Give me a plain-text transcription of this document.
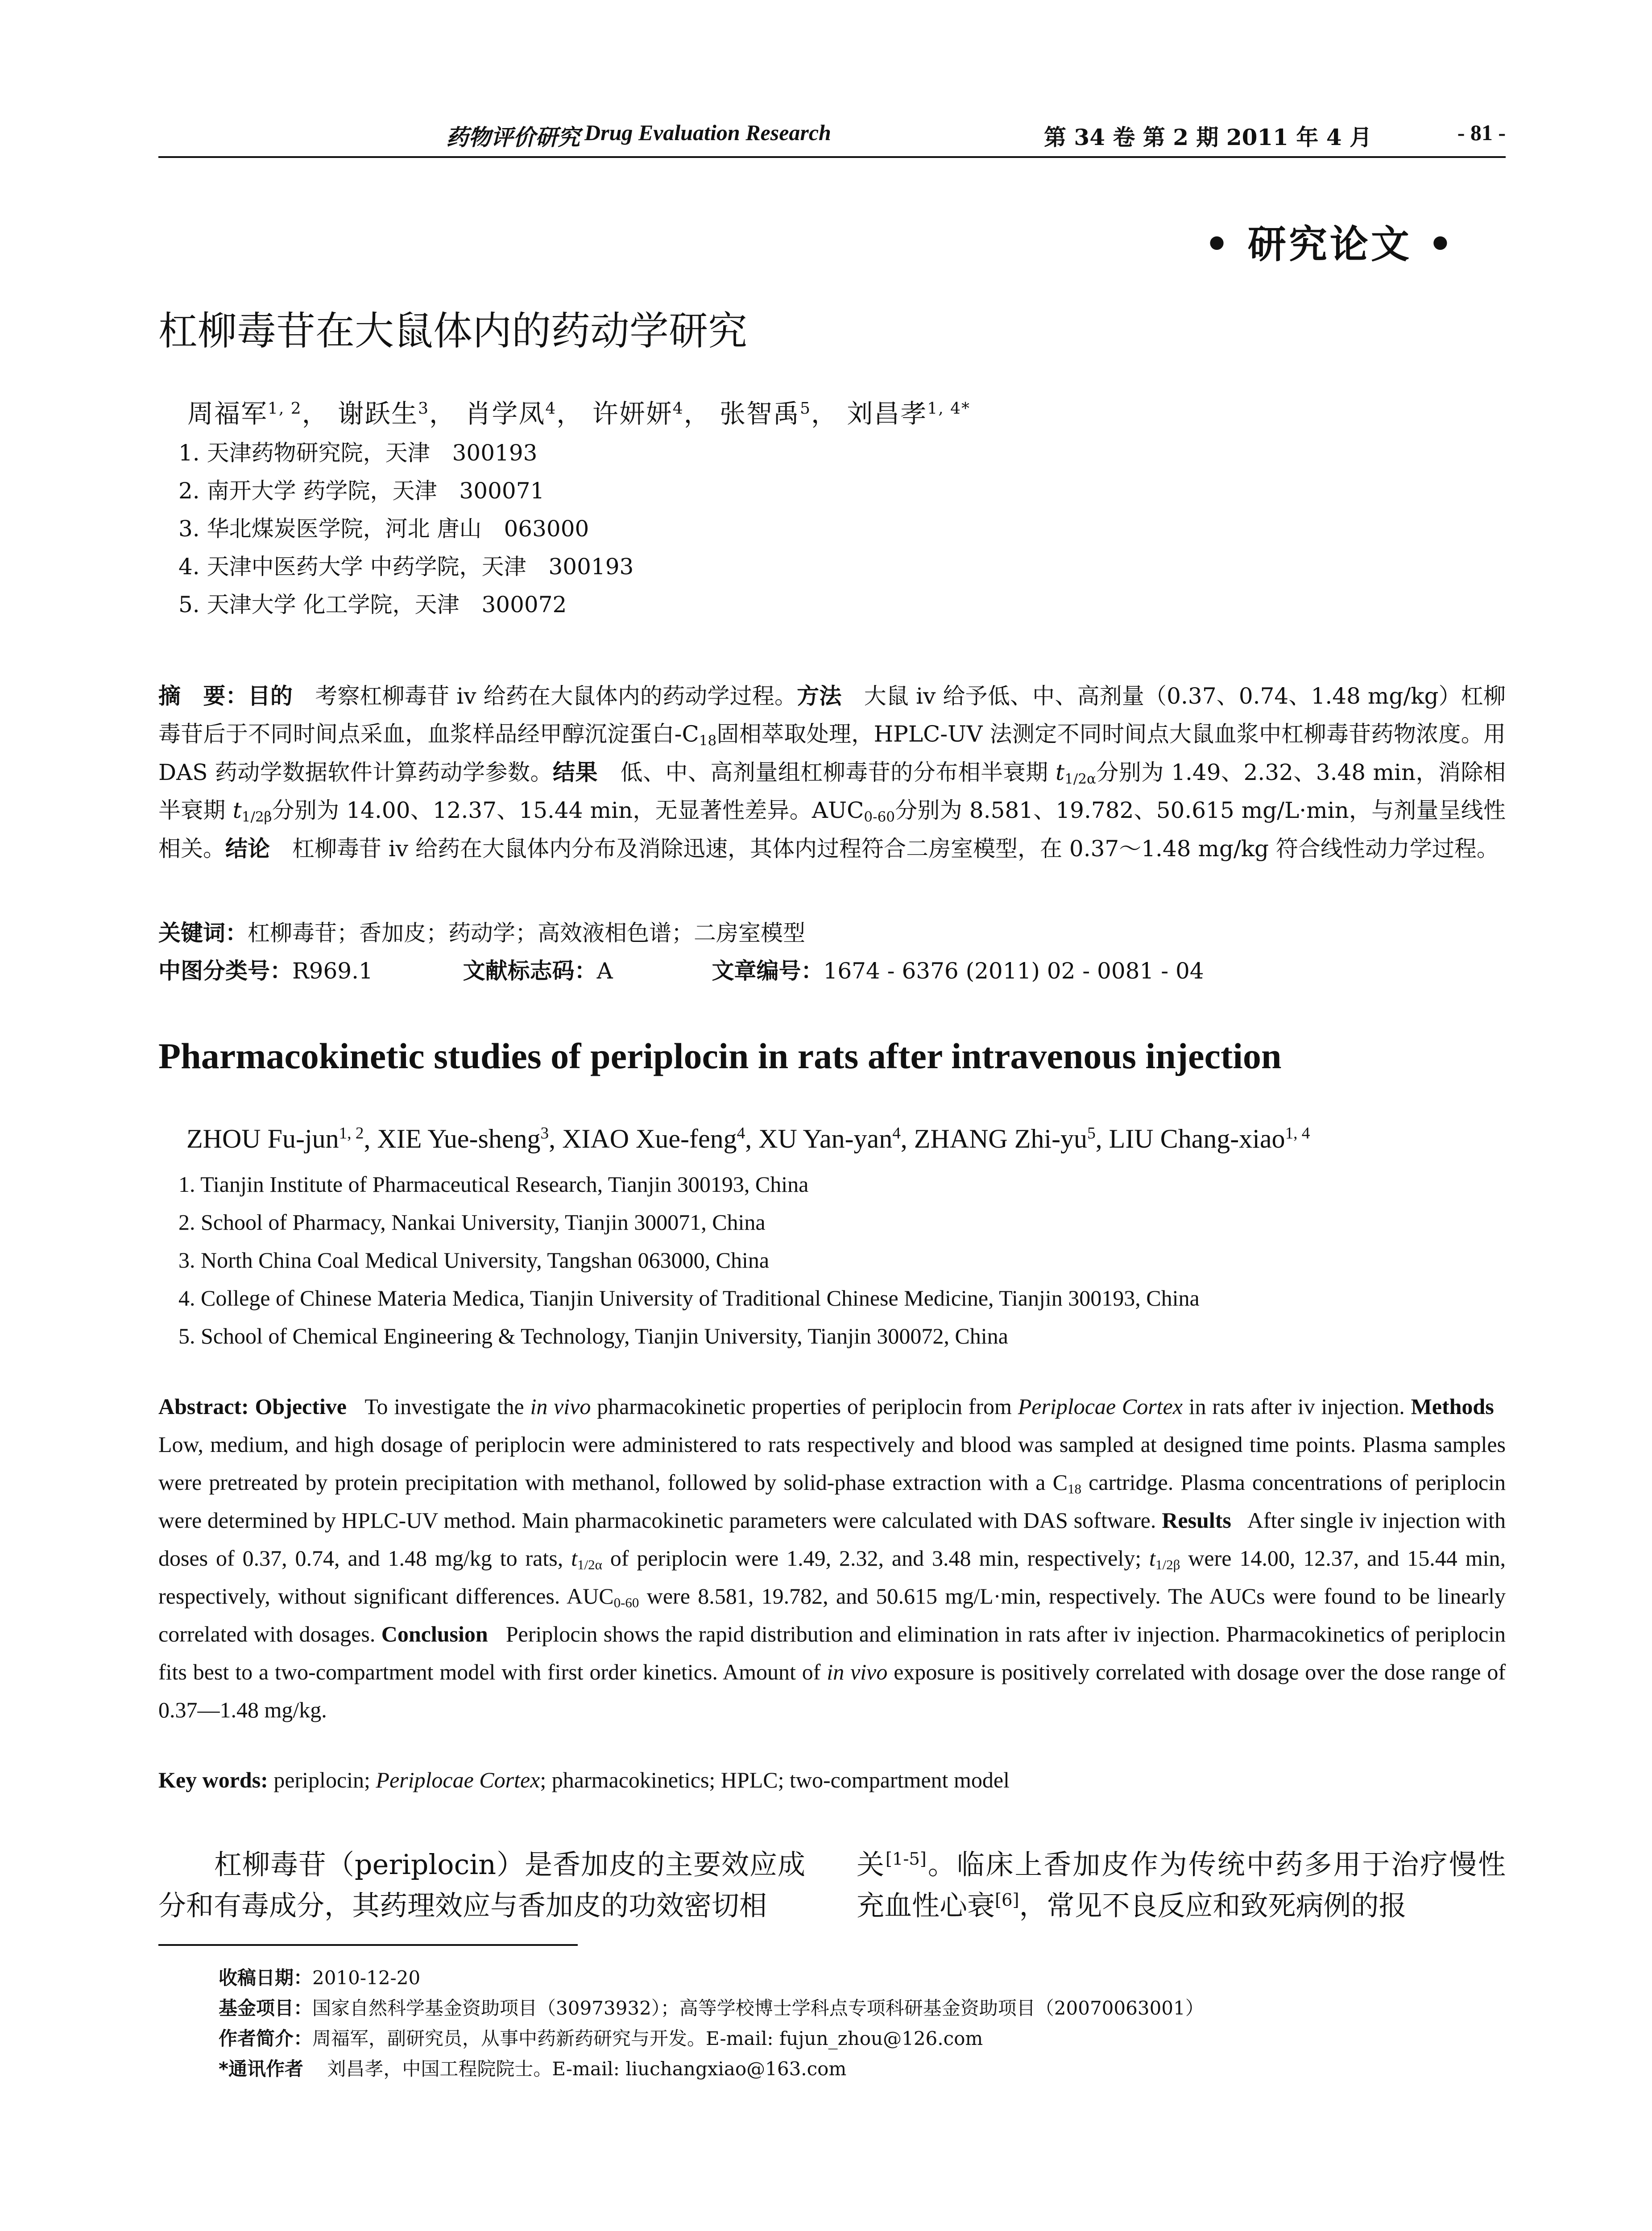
药物评价研究 Drug Evaluation Research	第 34 卷 第 2 期 2011 年 4 月	- 81 -
• 研究论文 •
杠柳毒苷在大鼠体内的药动学研究
周福军$^{1, 2}$， 谢跃生$^3$， 肖学凤$^4$， 许妍妍$^4$， 张智禹$^5$， 刘昌孝$^{1, 4*}$
1. 天津药物研究院，天津　300193
2. 南开大学 药学院，天津　300071
3. 华北煤炭医学院，河北 唐山　063000
4. 天津中医药大学 中药学院，天津　300193
5. 天津大学 化工学院，天津　300072
摘　要：目的　 考察杠柳毒苷 iv 给药在大鼠体内的药动学过程。方法　 大鼠 iv 给予低、中、高剂量（0.37、0.74、1.48 mg/kg）杠柳毒苷后于不同时间点采血，血浆样品经甲醇沉淀蛋白$-C_{18}$固相萃取处理，HPLC-UV 法测定不同时间点大鼠血浆中杠柳毒苷药物浓度。用 DAS 药动学数据软件计算药动学参数。结果　 低、中、高剂量组杠柳毒苷的分布相半衰期 $t_{1/2\alpha}$分别为 1.49、2.32、3.48 min，消除相半衰期 $t_{1/2\beta}$分别为 14.00、12.37、15.44 min，无显著性差异。$AUC_{0-60}$分别为 8.581、19.782、50.615 mg/L·min，与剂量呈线性相关。结论　 杠柳毒苷 iv 给药在大鼠体内分布及消除迅速，其体内过程符合二房室模型，在 0.37～1.48 mg/kg 符合线性动力学过程。
关键词：杠柳毒苷；香加皮；药动学；高效液相色谱；二房室模型
中图分类号：R969.1	文献标志码：A	文章编号：1674 - 6376 (2011) 02 - 0081 - 04
Pharmacokinetic studies of periplocin in rats after intravenous injection
ZHOU Fu-jun$^{1, 2}$, XIE Yue-sheng$^3$, XIAO Xue-feng$^4$, XU Yan-yan$^4$, ZHANG Zhi-$yu^5$, LIU Chang-xiao$^{1, 4}$
1. Tianjin Institute of Pharmaceutical Research, Tianjin 300193, China
2. School of Pharmacy, Nankai University, Tianjin 300071, China
3. North China Coal Medical University, Tangshan 063000, China
4. College of Chinese Materia Medica, Tianjin University of Traditional Chinese Medicine, Tianjin 300193, China
5. School of Chemical Engineering & Technology, Tianjin University, Tianjin 300072, China
Abstract: Objective To investigate the in vivo pharmacokinetic properties of periplocin from Periplocae Cortex in rats after iv injection. Methods   Low, medium, and high dosage of periplocin were administered to rats respectively and blood was sampled at designed time points. Plasma samples were pretreated by protein precipitation with methanol, followed by solid-phase extraction with a $C_{18}$ cartridge. Plasma concentrations of periplocin were determined by HPLC-UV method. Main pharmacokinetic parameters were calculated with DAS software. Results After single iv injection with doses of 0.37, 0.74, and 1.48 mg/kg to rats, $t_{1/2\alpha}$ of periplocin were 1.49, 2.32, and 3.48 min, respectively; $t_{1/2\beta}$ were 14.00, 12.37, and 15.44 min, respectively, without significant differences. $AUC_{0-60}$ were 8.581, 19.782, and 50.615 mg/L·min, respectively. The AUCs were found to be linearly correlated with dosages. Conclusion Periplocin shows the rapid distribution and elimination in rats after iv injection. Pharmacokinetics of periplocin fits best to a two-compartment model with first order kinetics. Amount of in vivo exposure is positively correlated with dosage over the dose range of 0.37—1.48 mg/kg.
Key words: periplocin; Periplocae Cortex; pharmacokinetics; HPLC; two-compartment model
杠柳毒苷（periplocin）是香加皮的主要效应成分和有毒成分，其药理效应与香加皮的功效密切相
关[1-5]。临床上香加皮作为传统中药多用于治疗慢性充血性心衰[6]，常见不良反应和致死病例的报
收稿日期：2010-12-20
基金项目：国家自然科学基金资助项目（30973932）；高等学校博士学科点专项科研基金资助项目（20070063001）
作者简介：周福军，副研究员，从事中药新药研究与开发。E-mail: fujun_zhou@126.com
*通讯作者 刘昌孝，中国工程院院士。E-mail: liuchangxiao@163.com
